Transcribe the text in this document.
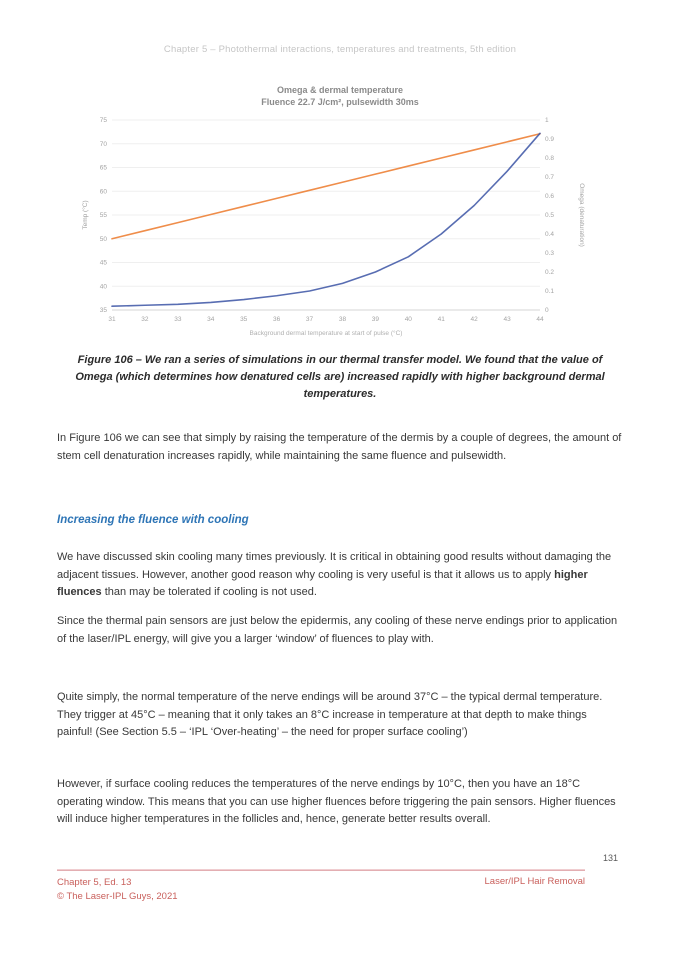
Chapter 5 – Photothermal interactions, temperatures and treatments, 5th edition
Omega & dermal temperature
Fluence 22.7 J/cm², pulsewidth 30ms
35
40
45
50
55
60
65
70
75
0
0.1
0.2
0.3
0.4
0.5
0.6
0.7
0.8
0.9
1
31	32	33	34	35	36	37	38	39	40	41	42	43	44
Temp (°C)	Omega (denaturation)
Background dermal temperature at start of pulse (°C)
Figure 106 – We ran a series of simulations in our thermal transfer model. We found that the value of Omega (which determines how denatured cells are) increased rapidly with higher background dermal temperatures.
In Figure 106 we can see that simply by raising the temperature of the dermis by a couple of degrees, the amount of stem cell denaturation increases rapidly, while maintaining the same fluence and pulsewidth.
Increasing the fluence with cooling
We have discussed skin cooling many times previously. It is critical in obtaining good results without damaging the adjacent tissues. However, another good reason why cooling is very useful is that it allows us to apply higher fluences than may be tolerated if cooling is not used.
Since the thermal pain sensors are just below the epidermis, any cooling of these nerve endings prior to application of the laser/IPL energy, will give you a larger ‘window’ of fluences to play with.
Quite simply, the normal temperature of the nerve endings will be around 37°C – the typical dermal temperature. They trigger at 45°C – meaning that it only takes an 8°C increase in temperature at that depth to make things painful! (See Section 5.5 – ‘IPL ‘Over-heating’ – the need for proper surface cooling’)
However, if surface cooling reduces the temperatures of the nerve endings by 10°C, then you have an 18°C operating window. This means that you can use higher fluences before triggering the pain sensors. Higher fluences will induce higher temperatures in the follicles and, hence, generate better results overall.
131
Chapter 5, Ed. 13
© The Laser-IPL Guys, 2021
Laser/IPL Hair Removal
